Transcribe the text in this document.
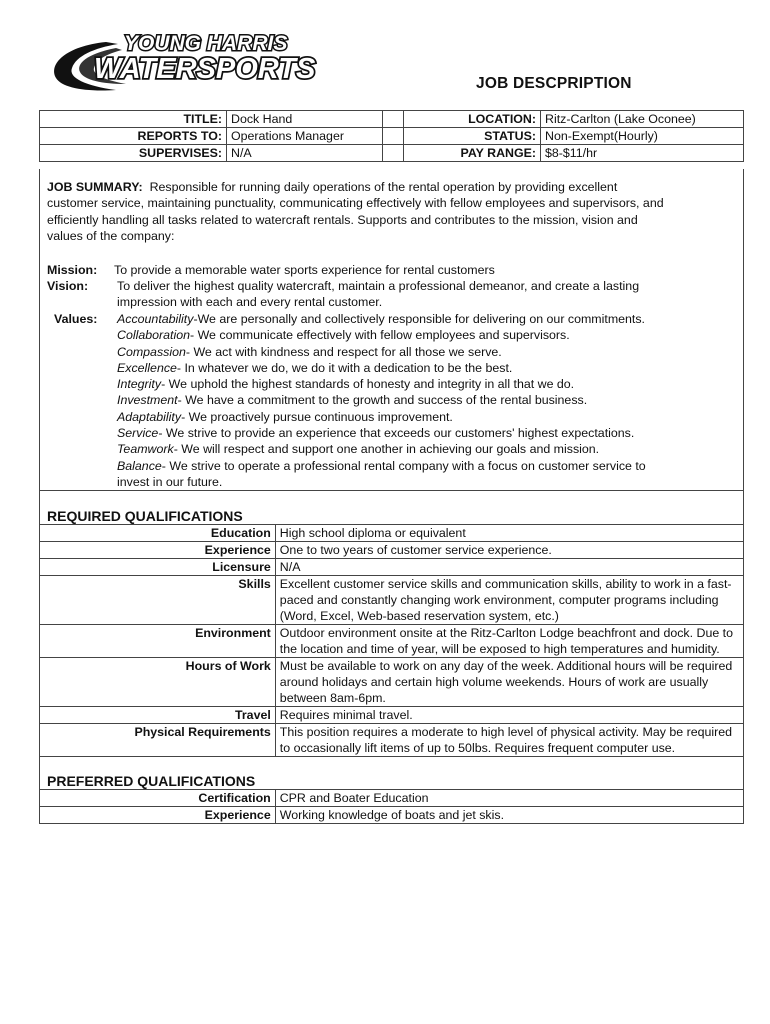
YOUNG HARRIS
WATERSPORTS	JOB DESCPRIPTION
TITLE:	Dock Hand		LOCATION:	Ritz-Carlton (Lake Oconee)
REPORTS TO:	Operations Manager		STATUS:	Non-Exempt(Hourly)
SUPERVISES:	N/A		PAY RANGE:	$8-$11/hr
JOB SUMMARY: Responsible for running daily operations of the rental operation by providing excellent
customer service, maintaining punctuality, communicating effectively with fellow employees and supervisors, and
efficiently handling all tasks related to watercraft rentals. Supports and contributes to the mission, vision and
values of the company:
Mission: To provide a memorable water sports experience for rental customers
Vision: To deliver the highest quality watercraft, maintain a professional demeanor, and create a lasting
impression with each and every rental customer.
Values: Accountability-We are personally and collectively responsible for delivering on our commitments.
Collaboration- We communicate effectively with fellow employees and supervisors.
Compassion- We act with kindness and respect for all those we serve.
Excellence- In whatever we do, we do it with a dedication to be the best.
Integrity- We uphold the highest standards of honesty and integrity in all that we do.
Investment- We have a commitment to the growth and success of the rental business.
Adaptability- We proactively pursue continuous improvement.
Service- We strive to provide an experience that exceeds our customers' highest expectations.
Teamwork- We will respect and support one another in achieving our goals and mission.
Balance- We strive to operate a professional rental company with a focus on customer service to
invest in our future.
REQUIRED QUALIFICATIONS
Education	High school diploma or equivalent
Experience	One to two years of customer service experience.
Licensure	N/A
Skills	Excellent customer service skills and communication skills, ability to work in a fast-paced and constantly changing work environment, computer programs including (Word, Excel, Web-based reservation system, etc.)
Environment	Outdoor environment onsite at the Ritz-Carlton Lodge beachfront and dock. Due to the location and time of year, will be exposed to high temperatures and humidity.
Hours of Work	Must be available to work on any day of the week. Additional hours will be required around holidays and certain high volume weekends. Hours of work are usually between 8am-6pm.
Travel	Requires minimal travel.
Physical Requirements	This position requires a moderate to high level of physical activity. May be required to occasionally lift items of up to 50lbs. Requires frequent computer use.
PREFERRED QUALIFICATIONS
Certification	CPR and Boater Education
Experience	Working knowledge of boats and jet skis.
